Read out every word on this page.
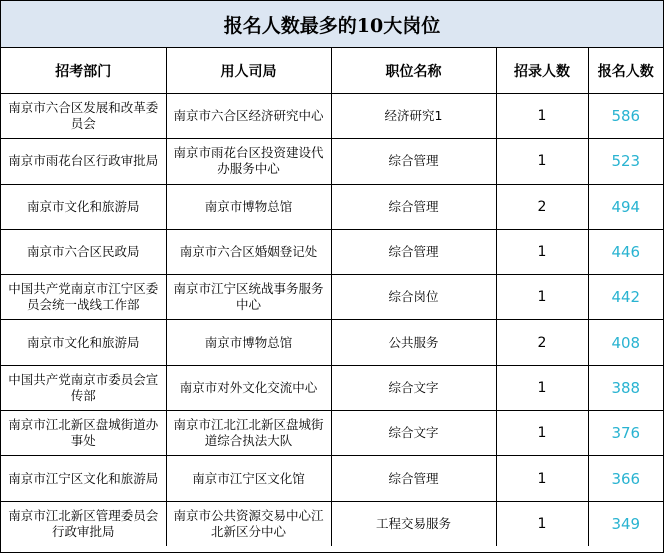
报名人数最多的10大岗位				
招考部门	用人司局	职位名称	招录人数	报名人数
南京市六合区发展和改革委员会	南京市六合区经济研究中心	经济研究1	1	586
南京市雨花台区行政审批局	南京市雨花台区投资建设代办服务中心	综合管理	1	523
南京市文化和旅游局	南京市博物总馆	综合管理	2	494
南京市六合区民政局	南京市六合区婚姻登记处	综合管理	1	446
中国共产党南京市江宁区委员会统一战线工作部	南京市江宁区统战事务服务中心	综合岗位	1	442
南京市文化和旅游局	南京市博物总馆	公共服务	2	408
中国共产党南京市委员会宣传部	南京市对外文化交流中心	综合文字	1	388
南京市江北新区盘城街道办事处	南京市江北江北新区盘城街道综合执法大队	综合文字	1	376
南京市江宁区文化和旅游局	南京市江宁区文化馆	综合管理	1	366
南京市江北新区管理委员会行政审批局	南京市公共资源交易中心江北新区分中心	工程交易服务	1	349
